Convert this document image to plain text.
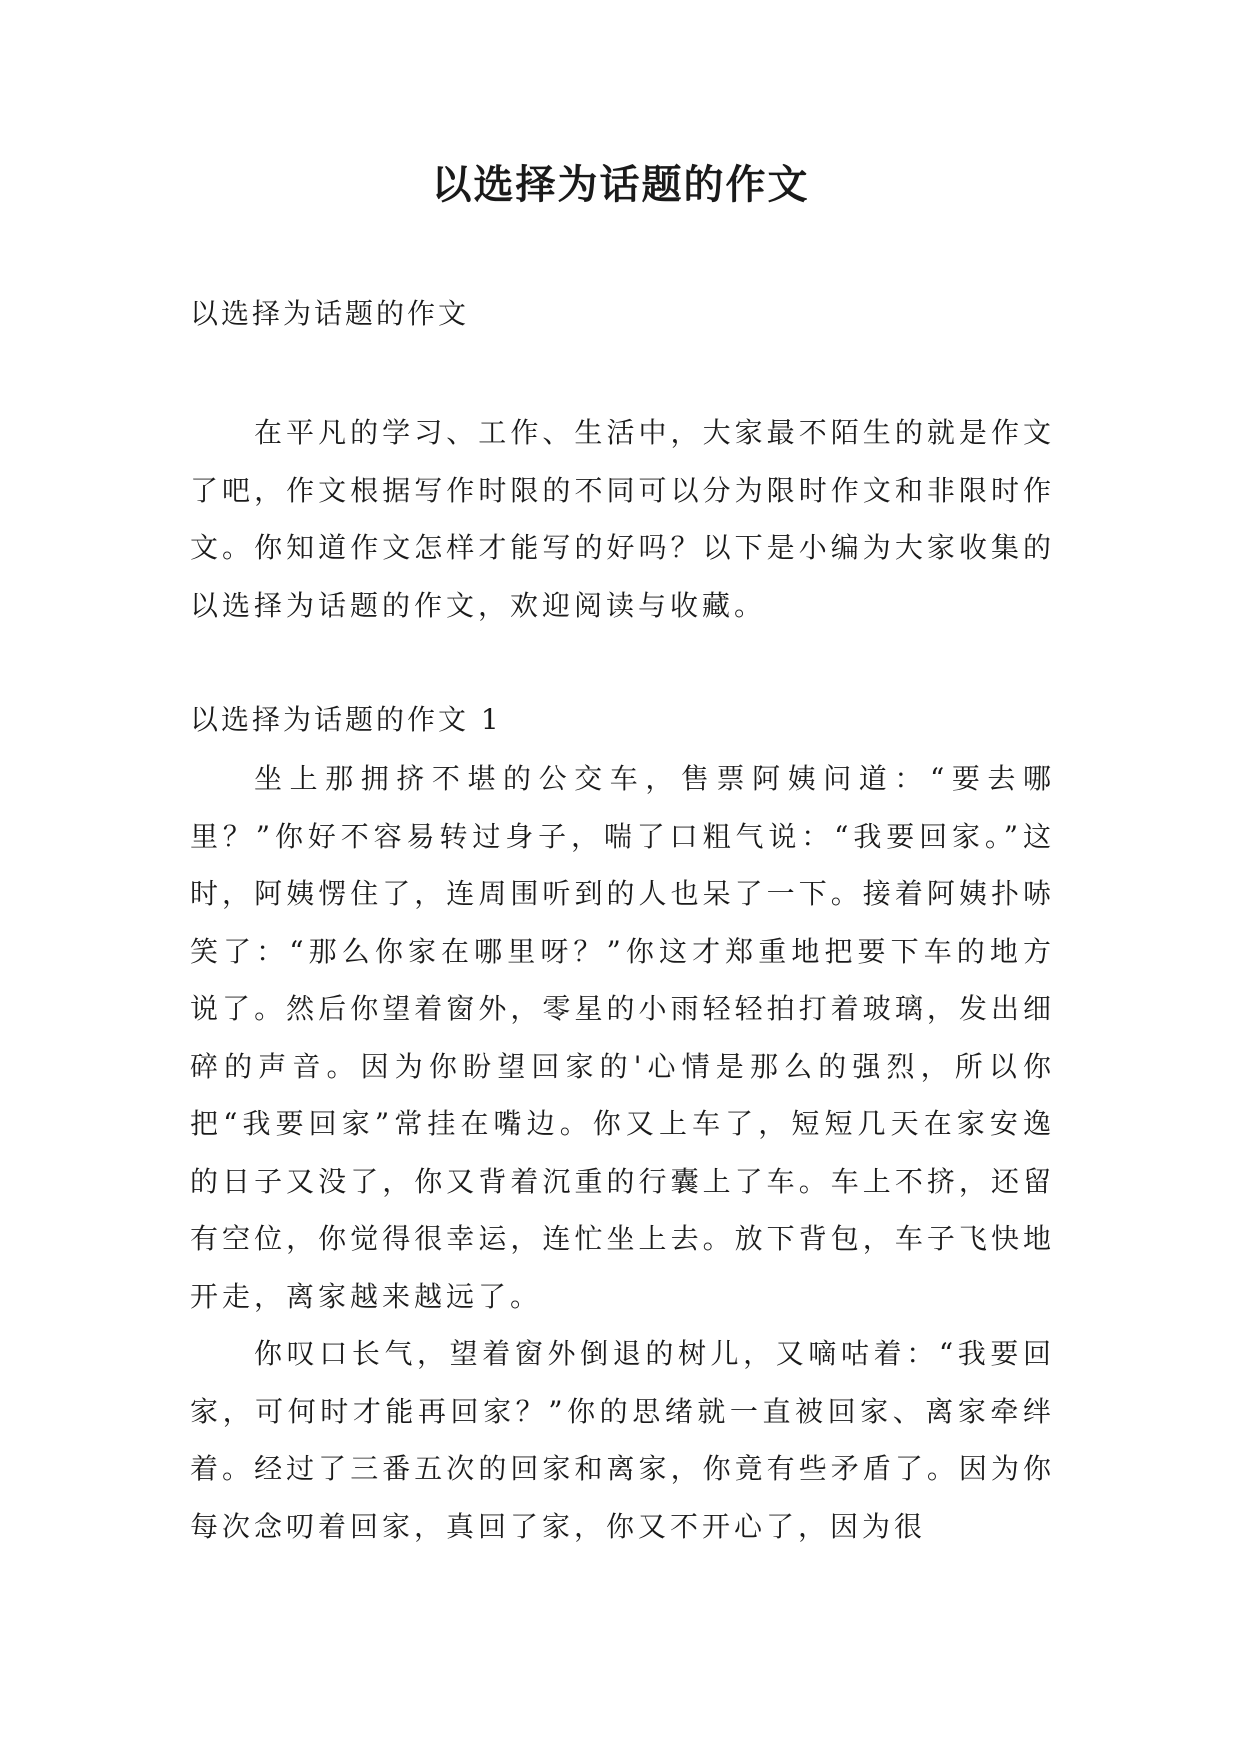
以选择为话题的作文

以选择为话题的作文

在平凡的学习、工作、生活中，大家最不陌生的就是作文了吧，作文根据写作时限的不同可以分为限时作文和非限时作文。你知道作文怎样才能写的好吗？以下是小编为大家收集的以选择为话题的作文，欢迎阅读与收藏。

以选择为话题的作文 1

坐上那拥挤不堪的公交车，售票阿姨问道：“要去哪里？”你好不容易转过身子，喘了口粗气说：“我要回家。”这时，阿姨愣住了，连周围听到的人也呆了一下。接着阿姨扑哧笑了：“那么你家在哪里呀？”你这才郑重地把要下车的地方说了。然后你望着窗外，零星的小雨轻轻拍打着玻璃，发出细碎的声音。因为你盼望回家的'心情是那么的强烈，所以你把“我要回家”常挂在嘴边。你又上车了，短短几天在家安逸的日子又没了，你又背着沉重的行囊上了车。车上不挤，还留有空位，你觉得很幸运，连忙坐上去。放下背包，车子飞快地开走，离家越来越远了。

你叹口长气，望着窗外倒退的树儿，又嘀咕着：“我要回家，可何时才能再回家？”你的思绪就一直被回家、离家牵绊着。经过了三番五次的回家和离家，你竟有些矛盾了。因为你每次念叨着回家，真回了家，你又不开心了，因为很
